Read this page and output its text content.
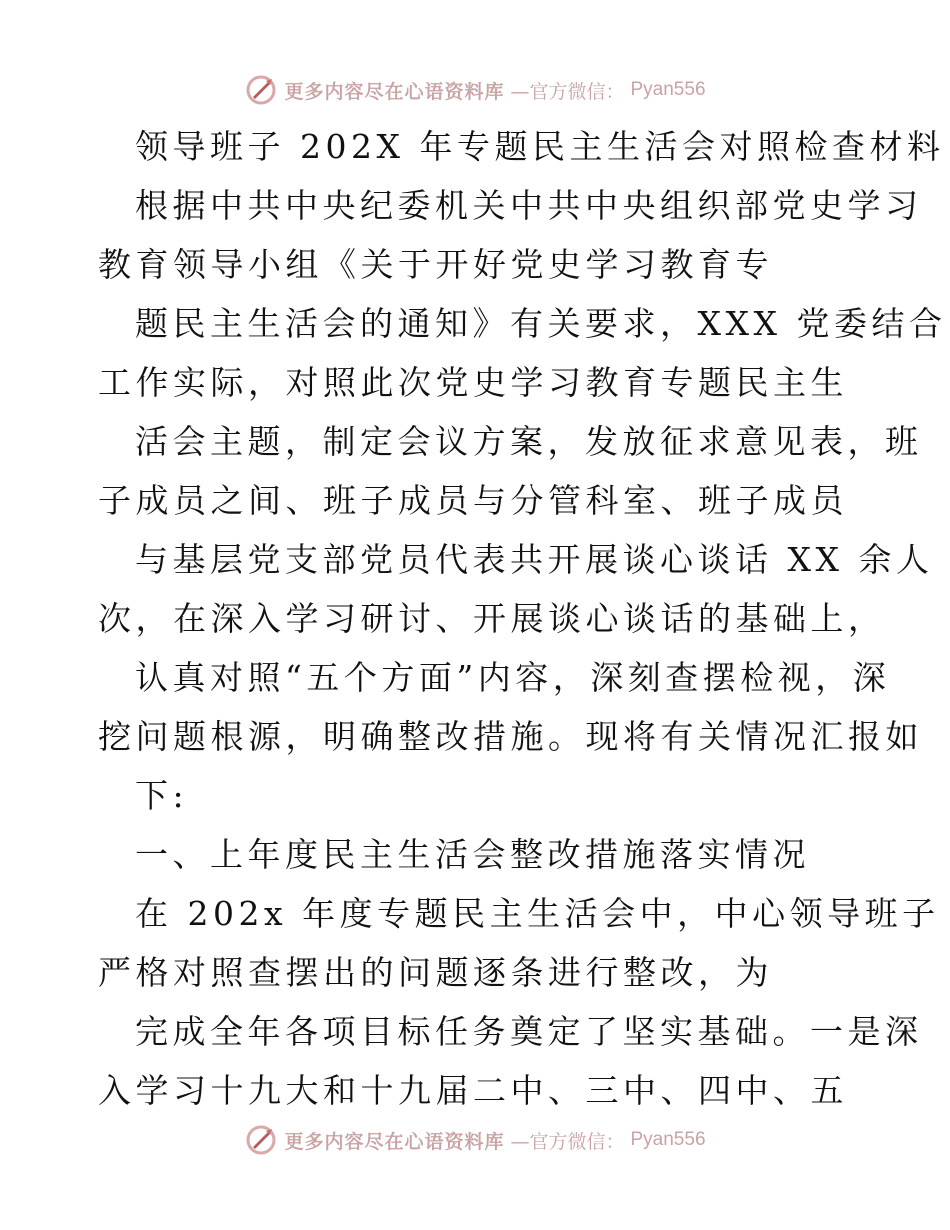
更多内容尽在心语资料库 —官方微信： Pyan556
领导班子 202X 年专题民主生活会对照检查材料
根据中共中央纪委机关中共中央组织部党史学习
教育领导小组《关于开好党史学习教育专
题民主生活会的通知》有关要求，XXX 党委结合
工作实际，对照此次党史学习教育专题民主生
活会主题，制定会议方案，发放征求意见表，班
子成员之间、班子成员与分管科室、班子成员
与基层党支部党员代表共开展谈心谈话 XX 余人
次，在深入学习研讨、开展谈心谈话的基础上，
认真对照“五个方面”内容，深刻查摆检视，深
挖问题根源，明确整改措施。现将有关情况汇报如
下:
一、上年度民主生活会整改措施落实情况
在 202x 年度专题民主生活会中，中心领导班子
严格对照查摆出的问题逐条进行整改，为
完成全年各项目标任务奠定了坚实基础。一是深
入学习十九大和十九届二中、三中、四中、五
更多内容尽在心语资料库 —官方微信： Pyan556
